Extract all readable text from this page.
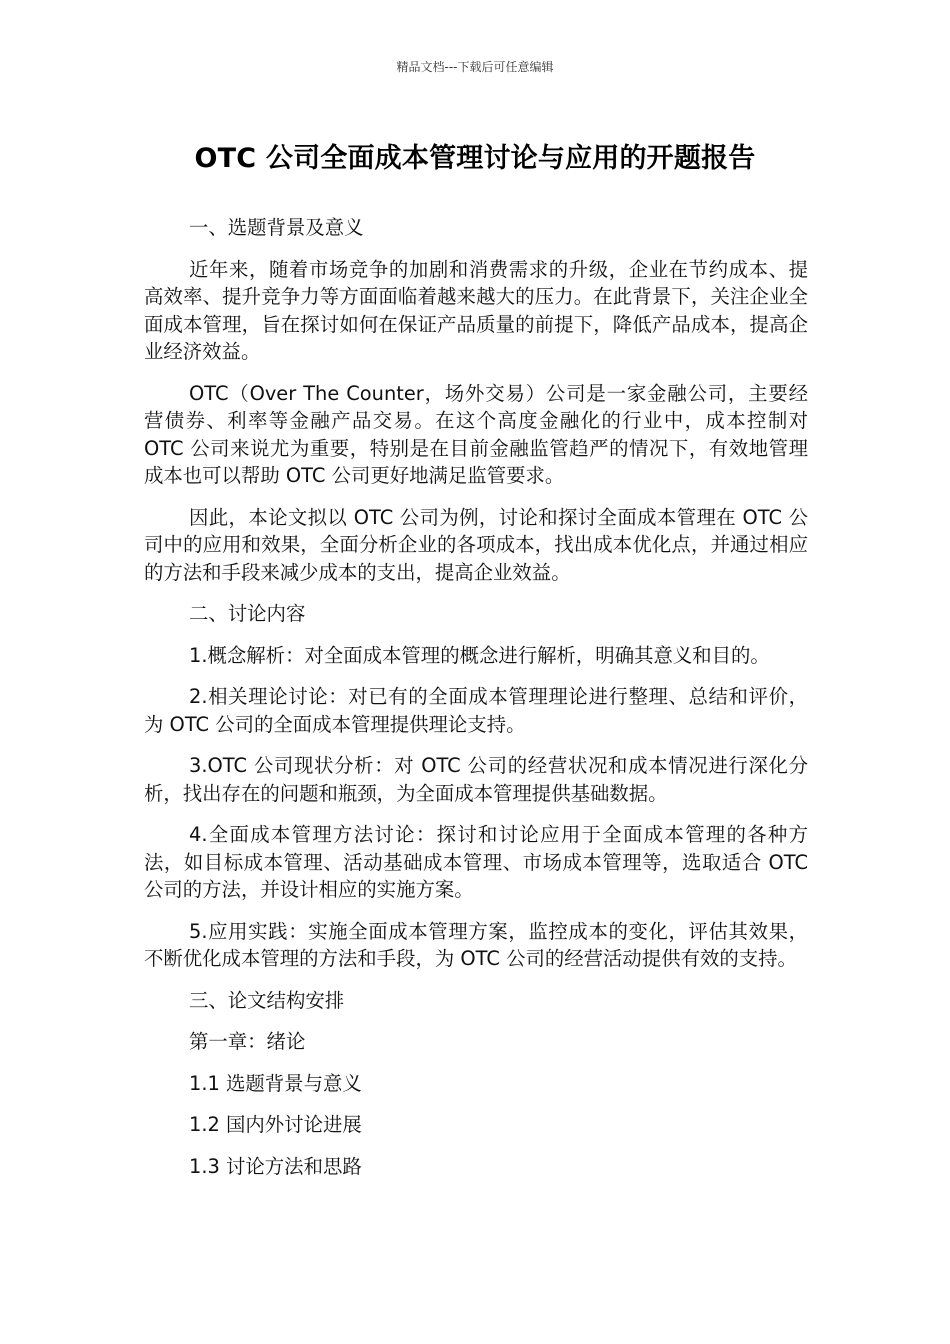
精品文档---下载后可任意编辑
OTC 公司全面成本管理讨论与应用的开题报告

一、选题背景及意义

近年来，随着市场竞争的加剧和消费需求的升级，企业在节约成本、提高效率、提升竞争力等方面面临着越来越大的压力。在此背景下，关注企业全面成本管理，旨在探讨如何在保证产品质量的前提下，降低产品成本，提高企业经济效益。

OTC（Over The Counter，场外交易）公司是一家金融公司，主要经营债券、利率等金融产品交易。在这个高度金融化的行业中，成本控制对 OTC 公司来说尤为重要，特别是在目前金融监管趋严的情况下，有效地管理成本也可以帮助 OTC 公司更好地满足监管要求。

因此，本论文拟以 OTC 公司为例，讨论和探讨全面成本管理在 OTC 公司中的应用和效果，全面分析企业的各项成本，找出成本优化点，并通过相应的方法和手段来减少成本的支出，提高企业效益。

二、讨论内容

1.概念解析：对全面成本管理的概念进行解析，明确其意义和目的。

2.相关理论讨论：对已有的全面成本管理理论进行整理、总结和评价，为 OTC 公司的全面成本管理提供理论支持。

3.OTC 公司现状分析：对 OTC 公司的经营状况和成本情况进行深化分析，找出存在的问题和瓶颈，为全面成本管理提供基础数据。

4.全面成本管理方法讨论：探讨和讨论应用于全面成本管理的各种方法，如目标成本管理、活动基础成本管理、市场成本管理等，选取适合 OTC 公司的方法，并设计相应的实施方案。

5.应用实践：实施全面成本管理方案，监控成本的变化，评估其效果，不断优化成本管理的方法和手段，为 OTC 公司的经营活动提供有效的支持。

三、论文结构安排

第一章：绪论

1.1 选题背景与意义

1.2 国内外讨论进展

1.3 讨论方法和思路
